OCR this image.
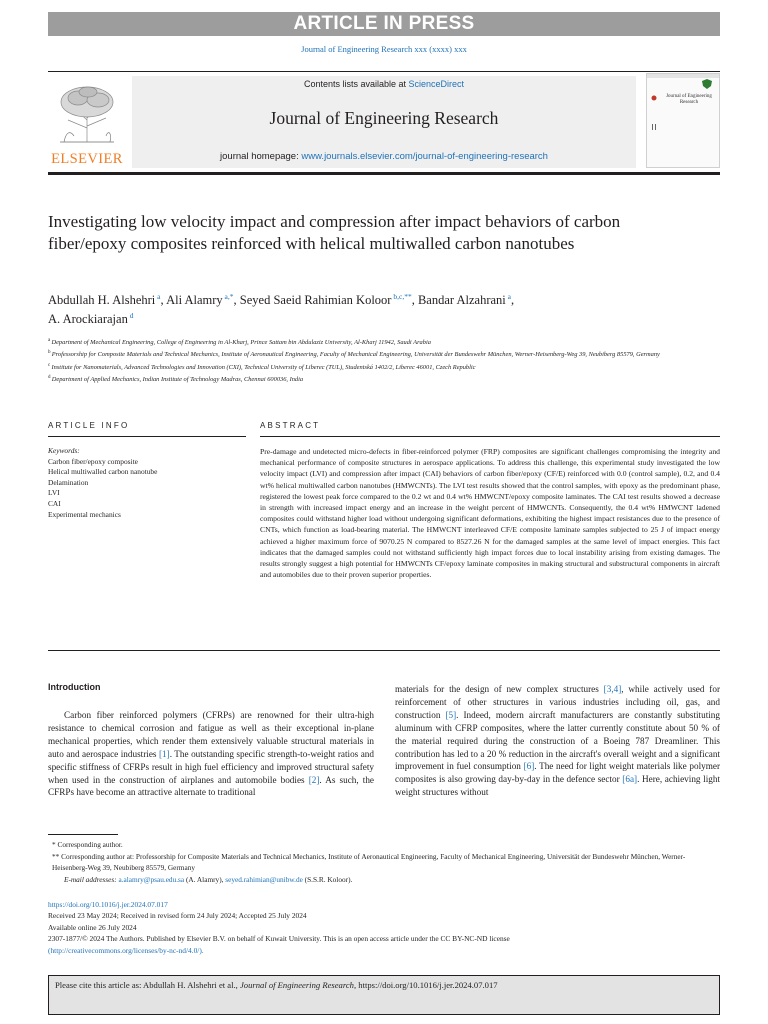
ARTICLE IN PRESS
Journal of Engineering Research xxx (xxxx) xxx
ELSEVIER
Contents lists available at ScienceDirect
Journal of Engineering Research
journal homepage: www.journals.elsevier.com/journal-of-engineering-research
Journal of Engineering Research
Investigating low velocity impact and compression after impact behaviors of carbon fiber/epoxy composites reinforced with helical multiwalled carbon nanotubes
Abdullah H. Alshehri $^a$, Ali Alamry $^{a,*}$, Seyed Saeid Rahimian Koloor $^{b,c,**}$, Bandar Alzahrani $^a$,
A. Arockiarajan $^d$
$^a$ Department of Mechanical Engineering, College of Engineering in Al-Kharj, Prince Sattam bin Abdulaziz University, Al-Kharj 11942, Saudi Arabia
$^b$ Professorship for Composite Materials and Technical Mechanics, Institute of Aeronautical Engineering, Faculty of Mechanical Engineering, Universität der Bundeswehr München, Werner-Heisenberg-Weg 39, Neubiberg 85579, Germany
$^c$ Institute for Nanomaterials, Advanced Technologies and Innovation (CXI), Technical University of Liberec (TUL), Studentská 1402/2, Liberec 46001, Czech Republic
$^d$ Department of Applied Mechanics, Indian Institute of Technology Madras, Chennai 600036, India
ARTICLE INFO	ABSTRACT
Keywords:
Carbon fiber/epoxy composite
Helical multiwalled carbon nanotube
Delamination
LVI
CAI
Experimental mechanics
Pre-damage and undetected micro-defects in fiber-reinforced polymer (FRP) composites are significant challenges compromising the integrity and mechanical performance of composite structures in aerospace applications. To address this challenge, this experimental study investigated the low velocity impact (LVI) and compression after impact (CAI) behaviors of carbon fiber/epoxy (CF/E) reinforced with 0.0 (control sample), 0.2, and 0.4 wt% helical multiwalled carbon nanotubes (HMWCNTs). The LVI test results showed that the control samples, with epoxy as the predominant phase, registered the lowest peak force compared to the 0.2 wt and 0.4 wt% HMWCNT/epoxy composite laminates. The CAI test results showed a decrease in strength with increased impact energy and an increase in the weight percent of HMWCNTs. Consequently, the 0.4 wt% HMWCNT ladened composites could withstand higher load without undergoing significant deformations, exhibiting the highest impact resistances due to the presence of CNTs, which function as load-bearing material. The HMWCNT interleaved CF/E composite laminate samples subjected to 25 J of impact energy achieved a higher maximum force of 9070.25 N compared to 8527.26 N for the damaged samples at the same level of impact energies. This fact indicates that the damaged samples could not withstand sufficiently high impact forces due to local instability arising from existing damages. The results strongly suggest a high potential for HMWCNTs CF/epoxy laminate composites in making structural and substructural components in aircraft and automobiles due to their proven superior properties.
Introduction
Carbon fiber reinforced polymers (CFRPs) are renowned for their ultra-high resistance to chemical corrosion and fatigue as well as their exceptional in-plane mechanical properties, which render them extensively valuable structural materials in auto and aerospace industries [1]. The outstanding specific strength-to-weight ratios and specific stiffness of CFRPs result in high fuel efficiency and improved structural safety when used in the construction of airplanes and automobile bodies [2]. As such, the CFRPs have become an attractive alternate to traditional
materials for the design of new complex structures [3,4], while actively used for reinforcement of other structures in various industries including oil, gas, and construction [5]. Indeed, modern aircraft manufacturers are constantly substituting aluminum with CFRP composites, where the latter currently constitute about 50 % of the material required during the construction of a Boeing 787 Dreamliner. This contribution has led to a 20 % reduction in the aircraft's overall weight and a significant improvement in fuel consumption [6]. The need for light weight materials like polymer composites is also growing day-by-day in the defence sector [6a]. Here, achieving light weight structures without
* Corresponding author.
** Corresponding author at: Professorship for Composite Materials and Technical Mechanics, Institute of Aeronautical Engineering, Faculty of Mechanical Engineering, Universität der Bundeswehr München, Werner-Heisenberg-Weg 39, Neubiberg 85579, Germany
E-mail addresses: a.alamry@psau.edu.sa (A. Alamry), seyed.rahimian@unibw.de (S.S.R. Koloor).
https://doi.org/10.1016/j.jer.2024.07.017
Received 23 May 2024; Received in revised form 24 July 2024; Accepted 25 July 2024
Available online 26 July 2024
2307-1877/© 2024 The Authors. Published by Elsevier B.V. on behalf of Kuwait University. This is an open access article under the CC BY-NC-ND license
(http://creativecommons.org/licenses/by-nc-nd/4.0/).
Please cite this article as: Abdullah H. Alshehri et al., Journal of Engineering Research, https://doi.org/10.1016/j.jer.2024.07.017
